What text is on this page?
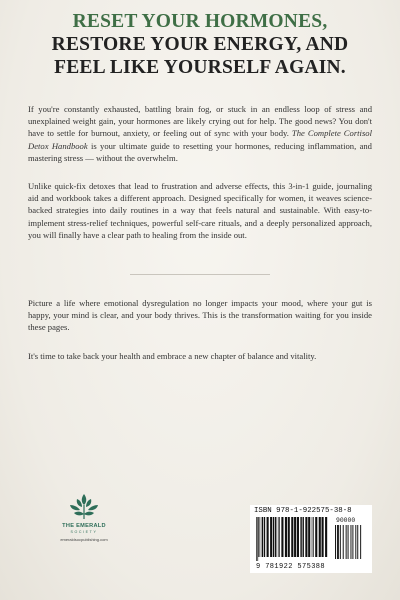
RESET YOUR HORMONES,
RESTORE YOUR ENERGY, AND
FEEL LIKE YOURSELF AGAIN.
If you're constantly exhausted, battling brain fog, or stuck in an endless loop of stress and unexplained weight gain, your hormones are likely crying out for help. The good news? You don't have to settle for burnout, anxiety, or feeling out of sync with your body. The Complete Cortisol Detox Handbook is your ultimate guide to resetting your hormones, reducing inflammation, and mastering stress — without the overwhelm.
Unlike quick-fix detoxes that lead to frustration and adverse effects, this 3-in-1 guide, journaling aid and workbook takes a different approach. Designed specifically for women, it weaves science-backed strategies into daily routines in a way that feels natural and sustainable. With easy-to-implement stress-relief techniques, powerful self-care rituals, and a deeply personalized approach, you will finally have a clear path to healing from the inside out.
Picture a life where emotional dysregulation no longer impacts your mood, where your gut is happy, your mind is clear, and your body thrives. This is the transformation waiting for you inside these pages.
It's time to take back your health and embrace a new chapter of balance and vitality.
THE EMERALD
SOCIETY
emeraldsocpublishing.com
ISBN 978-1-922575-38-8
90000
9 781922 575388
